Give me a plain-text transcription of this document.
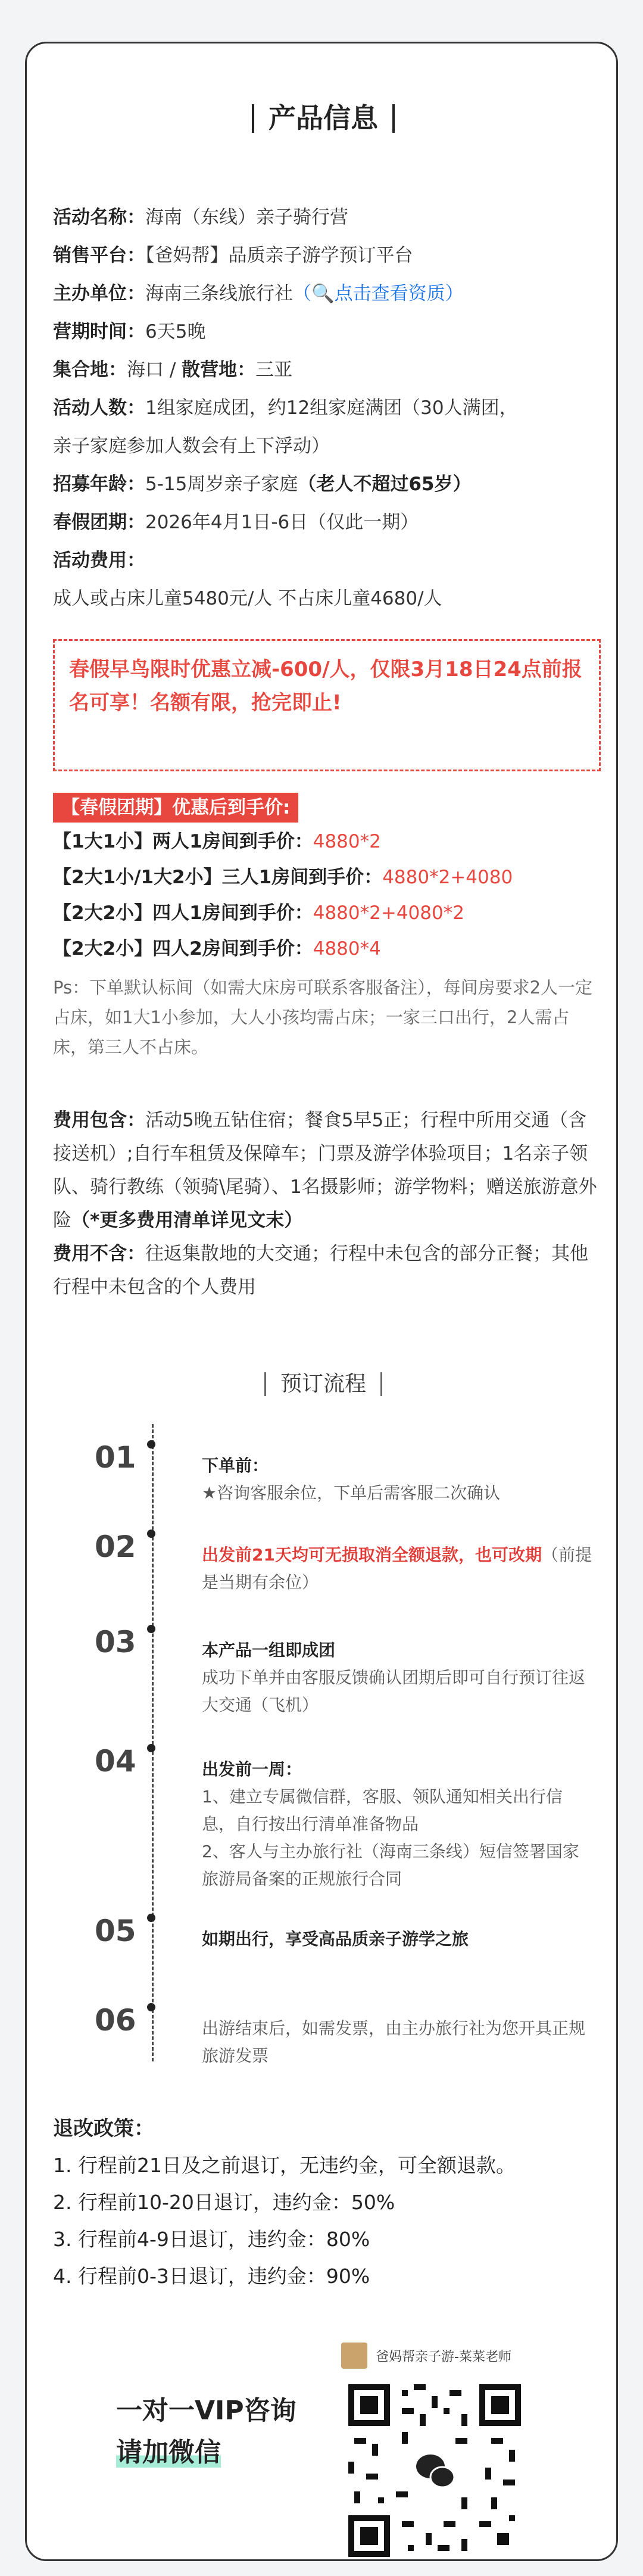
产品信息
活动名称：海南（东线）亲子骑行营
销售平台：【爸妈帮】品质亲子游学预订平台
主办单位：海南三条线旅行社（🔍点击查看资质）
营期时间：6天5晚
集合地：海口 / 散营地：三亚
活动人数：1组家庭成团，约12组家庭满团（30人满团，
亲子家庭参加人数会有上下浮动）
招募年龄：5-15周岁亲子家庭（老人不超过65岁）
春假团期：2026年4月1日-6日（仅此一期）
活动费用：
成人或占床儿童5480元/人 不占床儿童4680/人
春假早鸟限时优惠立减-600/人，仅限3月18日24点前报名可享！名额有限，抢完即止!
【春假团期】优惠后到手价:
【1大1小】两人1房间到手价：4880*2
【2大1小/1大2小】三人1房间到手价：4880*2+4080
【2大2小】四人1房间到手价：4880*2+4080*2
【2大2小】四人2房间到手价：4880*4
Ps：下单默认标间（如需大床房可联系客服备注），每间房要求2人一定占床，如1大1小参加，大人小孩均需占床；一家三口出行，2人需占床，第三人不占床。
费用包含：活动5晚五钻住宿；餐食5早5正；行程中所用交通（含接送机）;自行车租赁及保障车；门票及游学体验项目；1名亲子领队、骑行教练（领骑\尾骑）、1名摄影师；游学物料；赠送旅游意外险（*更多费用清单详见文末）
费用不含：往返集散地的大交通；行程中未包含的部分正餐；其他行程中未包含的个人费用
预订流程
01	下单前：
★咨询客服余位，下单后需客服二次确认
02	出发前21天均可无损取消全额退款，也可改期（前提是当期有余位）
03	本产品一组即成团
成功下单并由客服反馈确认团期后即可自行预订往返大交通（飞机）
04	出发前一周：
1、建立专属微信群，客服、领队通知相关出行信息，自行按出行清单准备物品
2、客人与主办旅行社（海南三条线）短信签署国家旅游局备案的正规旅行合同
05	如期出行，享受高品质亲子游学之旅
06	出游结束后，如需发票，由主办旅行社为您开具正规旅游发票
退改政策：
1. 行程前21日及之前退订，无违约金，可全额退款。
2. 行程前10-20日退订，违约金：50%
3. 行程前4-9日退订，违约金：80%
4. 行程前0-3日退订，违约金：90%
一对一VIP咨询
请加微信
爸妈帮亲子游-菜菜老师
